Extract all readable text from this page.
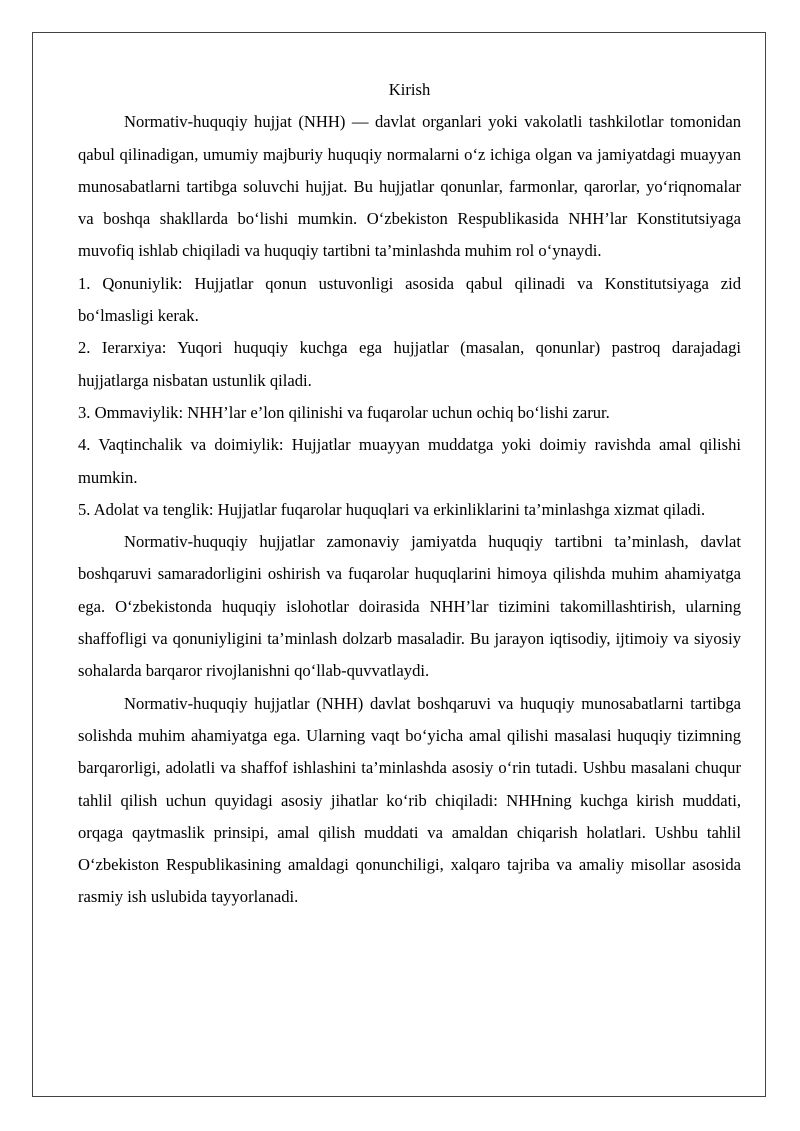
Kirish

Normativ-huquqiy hujjat (NHH) — davlat organlari yoki vakolatli tashkilotlar tomonidan qabul qilinadigan, umumiy majburiy huquqiy normalarni oʻz ichiga olgan va jamiyatdagi muayyan munosabatlarni tartibga soluvchi hujjat. Bu hujjatlar qonunlar, farmonlar, qarorlar, yoʻriqnomalar va boshqa shakllarda boʻlishi mumkin. Oʻzbekiston Respublikasida NHH’lar Konstitutsiyaga muvofiq ishlab chiqiladi va huquqiy tartibni ta’minlashda muhim rol oʻynaydi.

1. Qonuniylik: Hujjatlar qonun ustuvonligi asosida qabul qilinadi va Konstitutsiyaga zid boʻlmasligi kerak.

2. Ierarxiya: Yuqori huquqiy kuchga ega hujjatlar (masalan, qonunlar) pastroq darajadagi hujjatlarga nisbatan ustunlik qiladi.

3. Ommaviylik: NHH’lar e’lon qilinishi va fuqarolar uchun ochiq boʻlishi zarur.

4. Vaqtinchalik va doimiylik: Hujjatlar muayyan muddatga yoki doimiy ravishda amal qilishi mumkin.

5. Adolat va tenglik: Hujjatlar fuqarolar huquqlari va erkinliklarini ta’minlashga xizmat qiladi.

Normativ-huquqiy hujjatlar zamonaviy jamiyatda huquqiy tartibni ta’minlash, davlat boshqaruvi samaradorligini oshirish va fuqarolar huquqlarini himoya qilishda muhim ahamiyatga ega. Oʻzbekistonda huquqiy islohotlar doirasida NHH’lar tizimini takomillashtirish, ularning shaffofligi va qonuniyligini ta’minlash dolzarb masaladir. Bu jarayon iqtisodiy, ijtimoiy va siyosiy sohalarda barqaror rivojlanishni qoʻllab-quvvatlaydi.

Normativ-huquqiy hujjatlar (NHH) davlat boshqaruvi va huquqiy munosabatlarni tartibga solishda muhim ahamiyatga ega. Ularning vaqt boʻyicha amal qilishi masalasi huquqiy tizimning barqarorligi, adolatli va shaffof ishlashini ta’minlashda asosiy oʻrin tutadi. Ushbu masalani chuqur tahlil qilish uchun quyidagi asosiy jihatlar koʻrib chiqiladi: NHHning kuchga kirish muddati, orqaga qaytmaslik prinsipi, amal qilish muddati va amaldan chiqarish holatlari. Ushbu tahlil Oʻzbekiston Respublikasining amaldagi qonunchiligi, xalqaro tajriba va amaliy misollar asosida rasmiy ish uslubida tayyorlanadi.
